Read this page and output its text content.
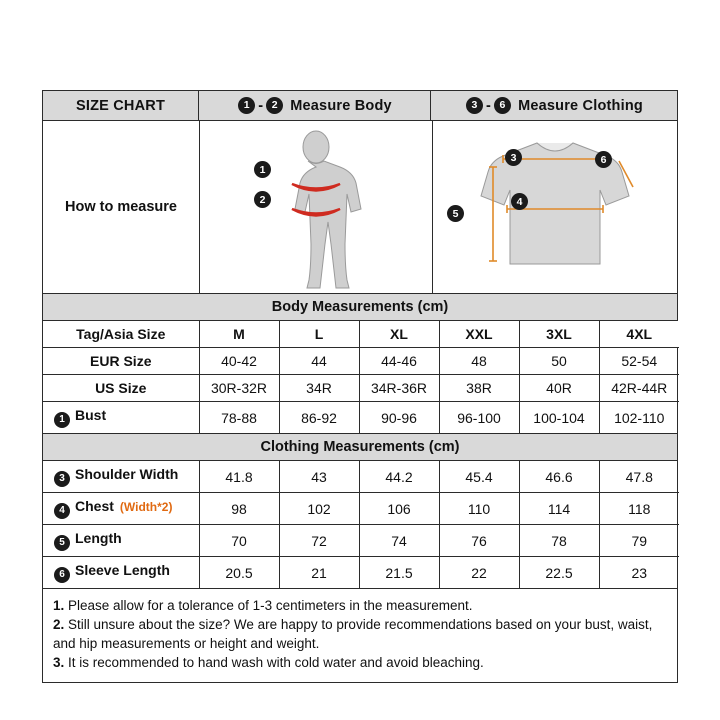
SIZE CHART	1 - 2 Measure Body	3 - 6 Measure Clothing
How to measure
1
2
3
4
5
6
Body Measurements (cm)
Tag/Asia Size	M	L	XL	XXL	3XL	4XL
EUR Size	40-42	44	44-46	48	50	52-54
US Size	30R-32R	34R	34R-36R	38R	40R	42R-44R
1 Bust	78-88	86-92	90-96	96-100	100-104	102-110
Clothing Measurements (cm)
3 Shoulder Width	41.8	43	44.2	45.4	46.6	47.8
4 Chest (Width*2)	98	102	106	110	114	118
5 Length	70	72	74	76	78	79
6 Sleeve Length	20.5	21	21.5	22	22.5	23

1. Please allow for a tolerance of 1-3 centimeters in the measurement.

2. Still unsure about the size? We are happy to provide recommendations based on your bust, waist, and hip measurements or height and weight.

3. It is recommended to hand wash with cold water and avoid bleaching.
